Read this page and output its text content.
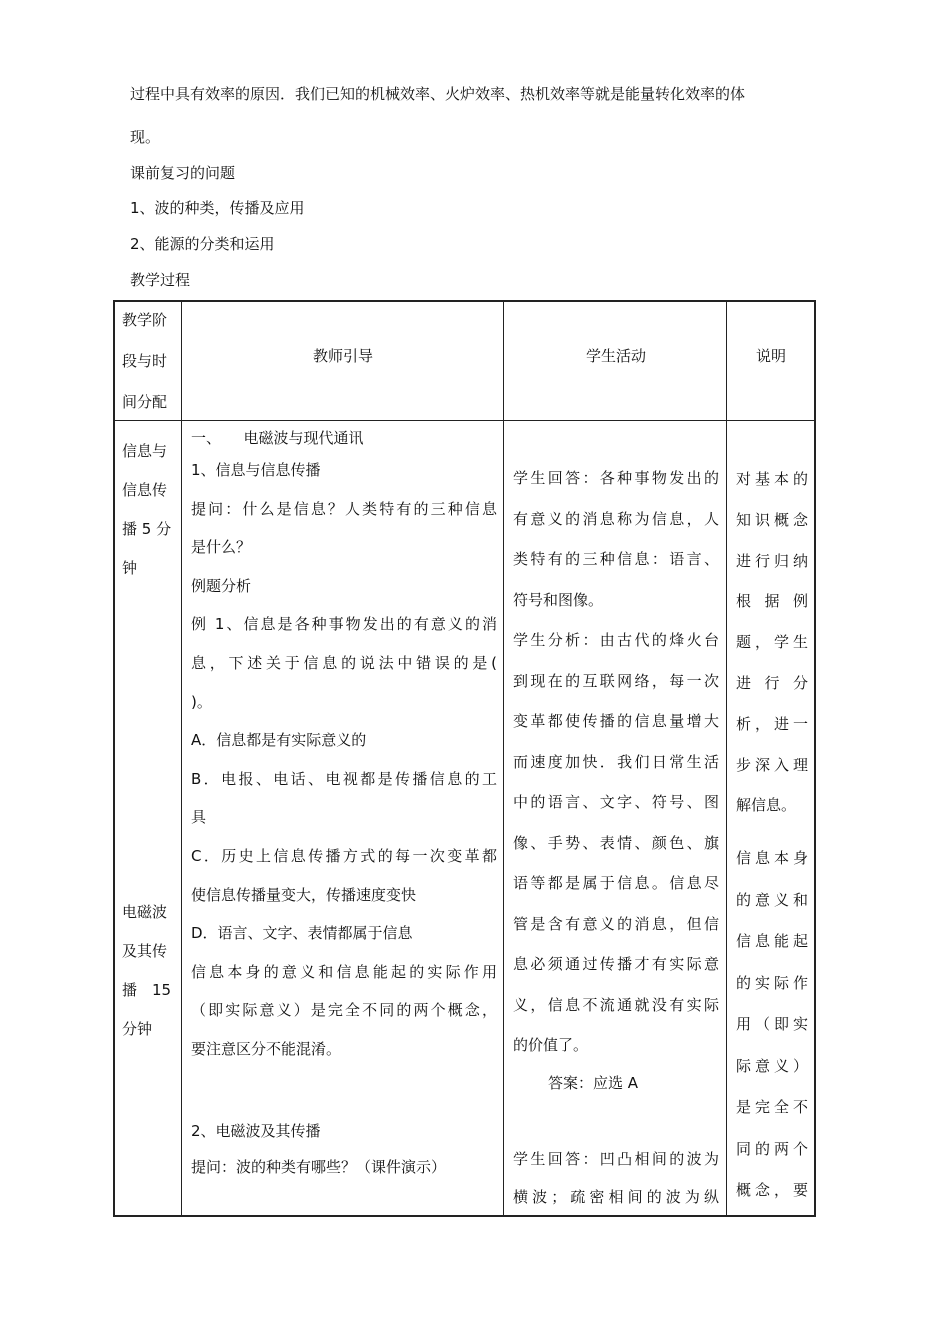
过程中具有效率的原因．我们已知的机械效率、火炉效率、热机效率等就是能量转化效率的体
现。
课前复习的问题
1、波的种类，传播及应用
2、能源的分类和运用
教学过程
教学阶
段与时
间分配
教师引导	学生活动	说明
信息与
信息传
播 5 分
钟
电磁波
及其传
播　15
分钟
一、　　电磁波与现代通讯
1、信息与信息传播
提问：什么是信息？人类特有的三种信息
是什么？
例题分析
例 1、信息是各种事物发出的有意义的消
息，下述关于信息的说法中错误的是(
)。
A．信息都是有实际意义的
B．电报、电话、电视都是传播信息的工
具
C．历史上信息传播方式的每一次变革都
使信息传播量变大，传播速度变快
D．语言、文字、表情都属于信息
信息本身的意义和信息能起的实际作用
（即实际意义）是完全不同的两个概念，
要注意区分不能混淆。
2、电磁波及其传播
提问：波的种类有哪些？（课件演示）
学生回答：各种事物发出的
有意义的消息称为信息，人
类特有的三种信息：语言、
符号和图像。
学生分析：由古代的烽火台
到现在的互联网络，每一次
变革都使传播的信息量增大
而速度加快．我们日常生活
中的语言、文字、符号、图
像、手势、表情、颜色、旗
语等都是属于信息。信息尽
管是含有意义的消息，但信
息必须通过传播才有实际意
义，信息不流通就没有实际
的价值了。
答案：应选 A
学生回答：凹凸相间的波为
横波；疏密相间的波为纵
对基本的
知识概念
进行归纳
根 据 例
题，学生
进 行 分
析，进一
步深入理
解信息。
信息本身
的意义和
信息能起
的实际作
用（即实
际意义）
是完全不
同的两个
概念，要
